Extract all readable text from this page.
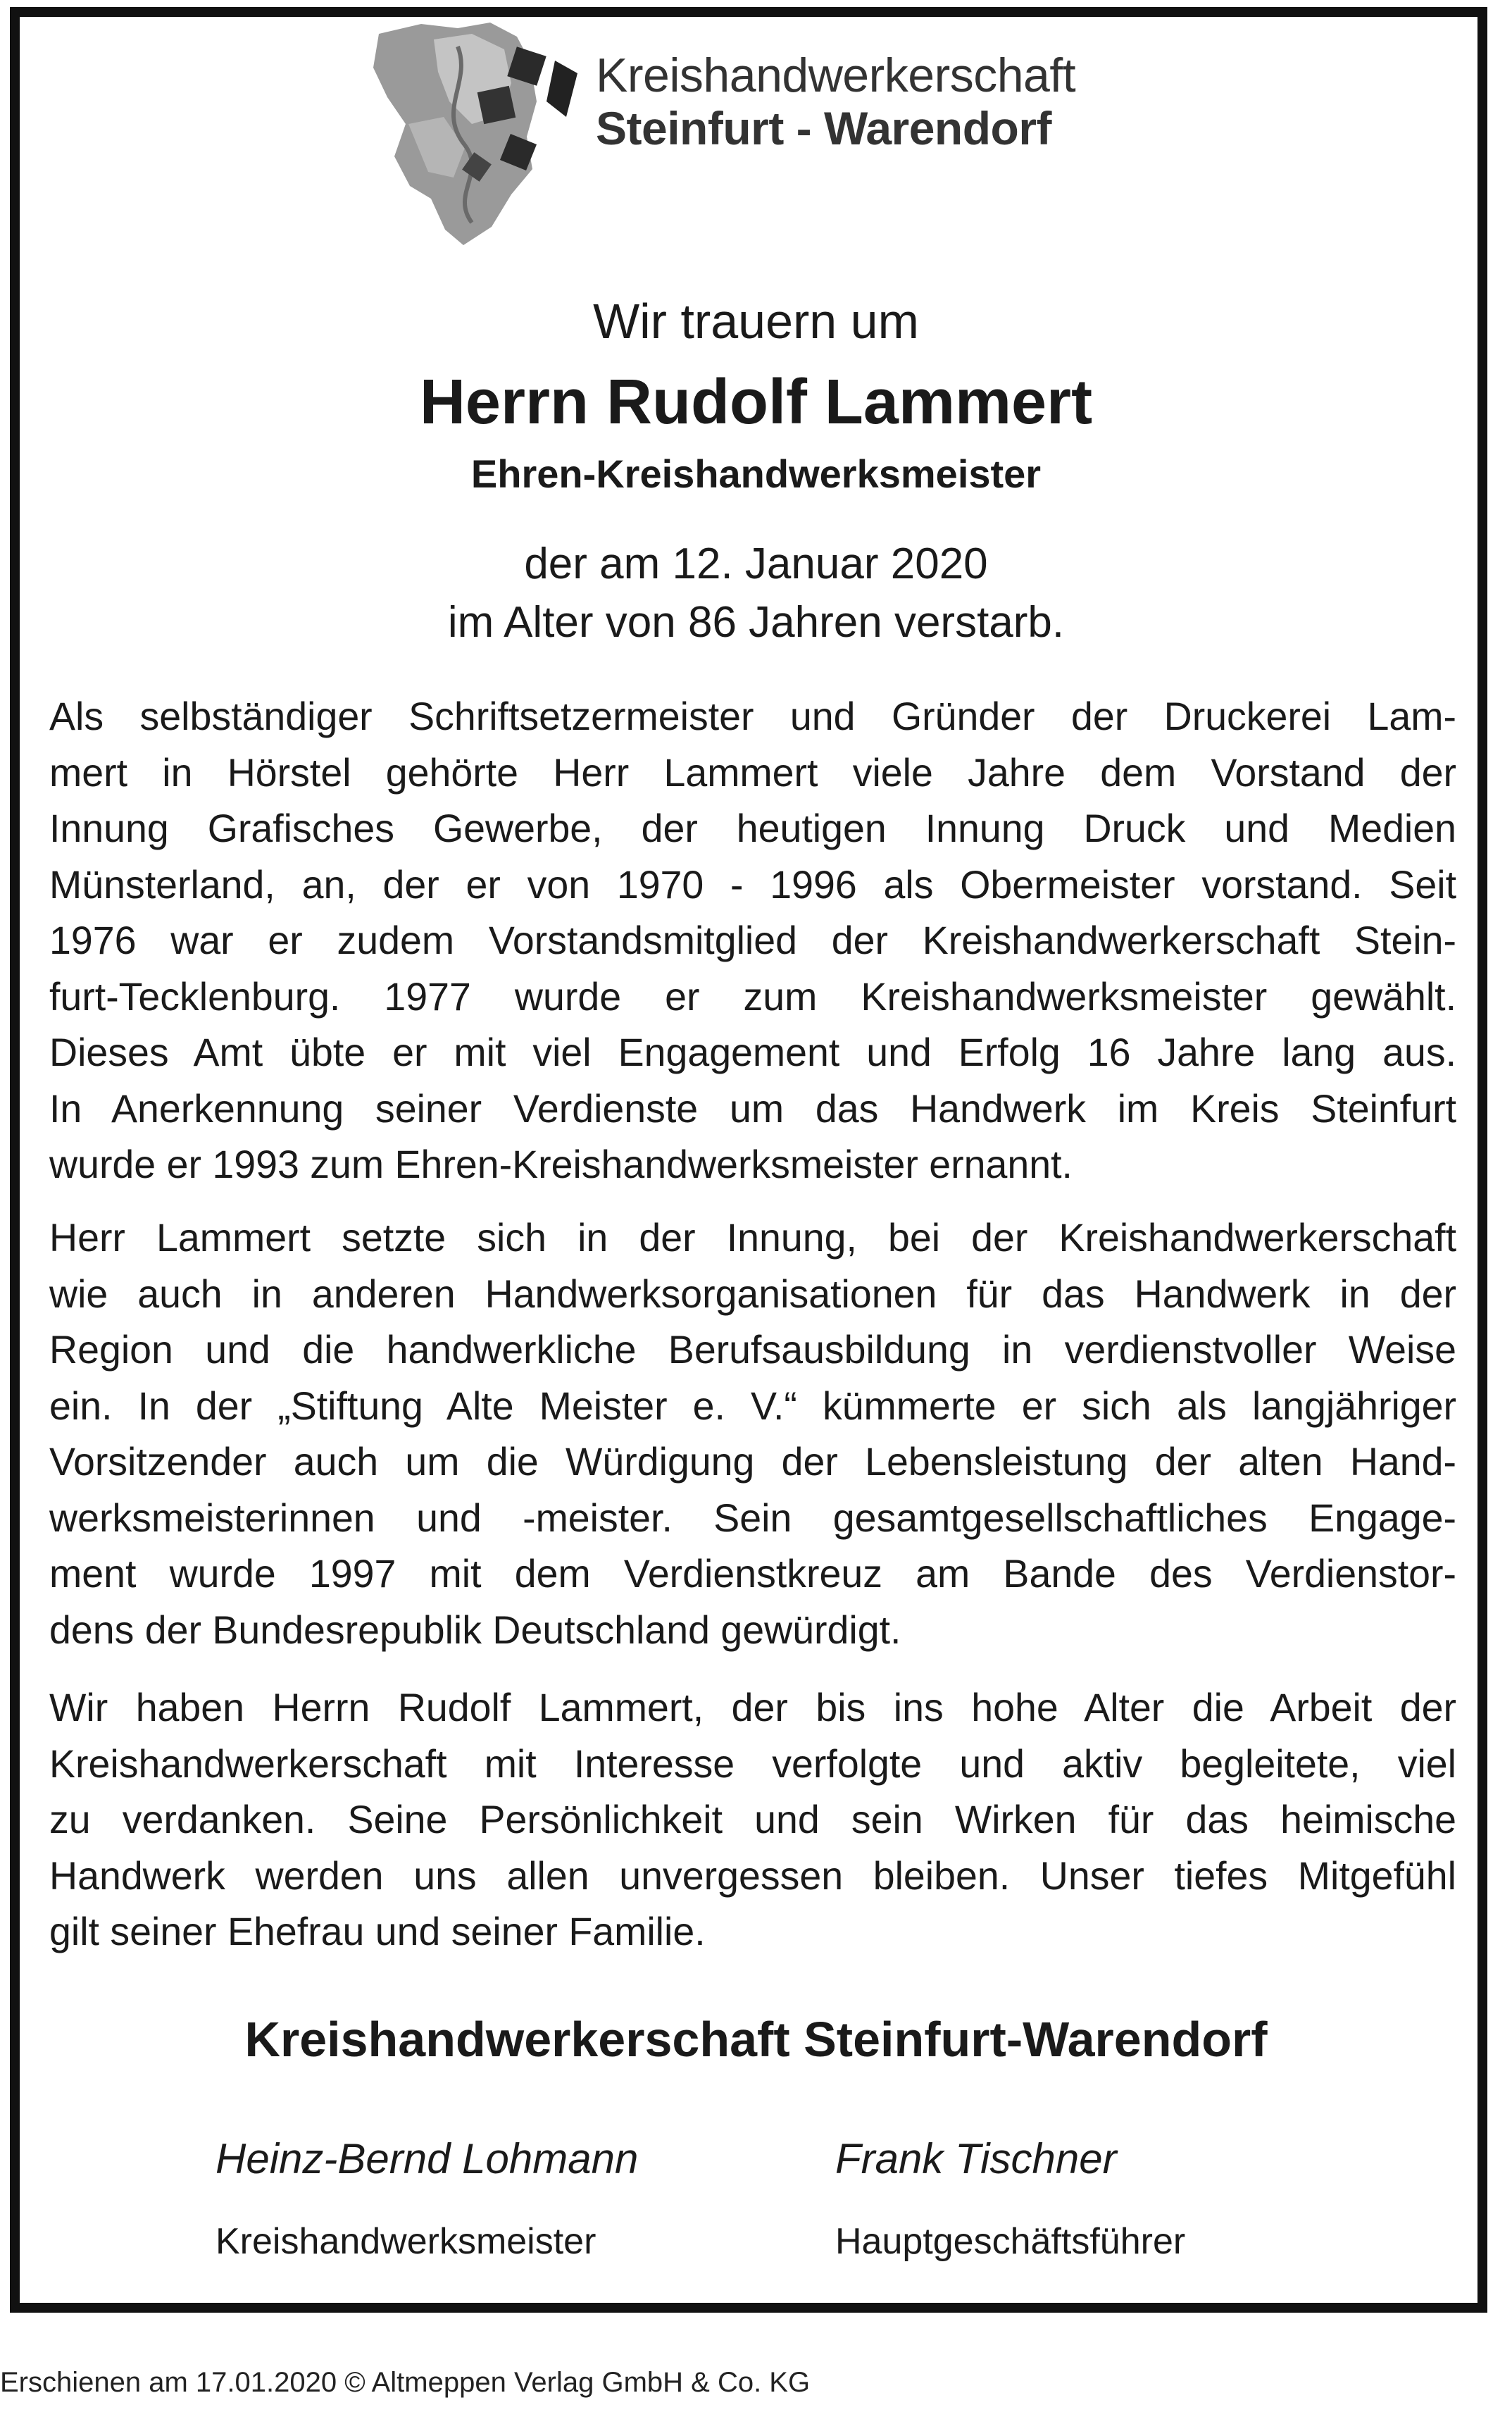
Kreishandwerkerschaft
Steinfurt - Warendorf
Wir trauern um
Herrn Rudolf Lammert
Ehren-Kreishandwerksmeister
der am 12. Januar 2020
im Alter von 86 Jahren verstarb.
Als selbständiger Schriftsetzermeister und Gründer der Druckerei Lam-
mert in Hörstel gehörte Herr Lammert viele Jahre dem Vorstand der
Innung Grafisches Gewerbe, der heutigen Innung Druck und Medien
Münsterland, an, der er von 1970 - 1996 als Obermeister vorstand. Seit
1976 war er zudem Vorstandsmitglied der Kreishandwerkerschaft Stein-
furt-Tecklenburg. 1977 wurde er zum Kreishandwerksmeister gewählt.
Dieses Amt übte er mit viel Engagement und Erfolg 16 Jahre lang aus.
In Anerkennung seiner Verdienste um das Handwerk im Kreis Steinfurt
wurde er 1993 zum Ehren-Kreishandwerksmeister ernannt.
Herr Lammert setzte sich in der Innung, bei der Kreishandwerkerschaft
wie auch in anderen Handwerksorganisationen für das Handwerk in der
Region und die handwerkliche Berufsausbildung in verdienstvoller Weise
ein. In der „Stiftung Alte Meister e. V.“ kümmerte er sich als langjähriger
Vorsitzender auch um die Würdigung der Lebensleistung der alten Hand-
werksmeisterinnen und -meister. Sein gesamtgesellschaftliches Engage-
ment wurde 1997 mit dem Verdienstkreuz am Bande des Verdienstor-
dens der Bundesrepublik Deutschland gewürdigt.
Wir haben Herrn Rudolf Lammert, der bis ins hohe Alter die Arbeit der
Kreishandwerkerschaft mit Interesse verfolgte und aktiv begleitete, viel
zu verdanken. Seine Persönlichkeit und sein Wirken für das heimische
Handwerk werden uns allen unvergessen bleiben. Unser tiefes Mitgefühl
gilt seiner Ehefrau und seiner Familie.
Kreishandwerkerschaft Steinfurt-Warendorf
Heinz-Bernd Lohmann
Kreishandwerksmeister
Frank Tischner
Hauptgeschäftsführer
Erschienen am 17.01.2020 © Altmeppen Verlag GmbH & Co. KG
